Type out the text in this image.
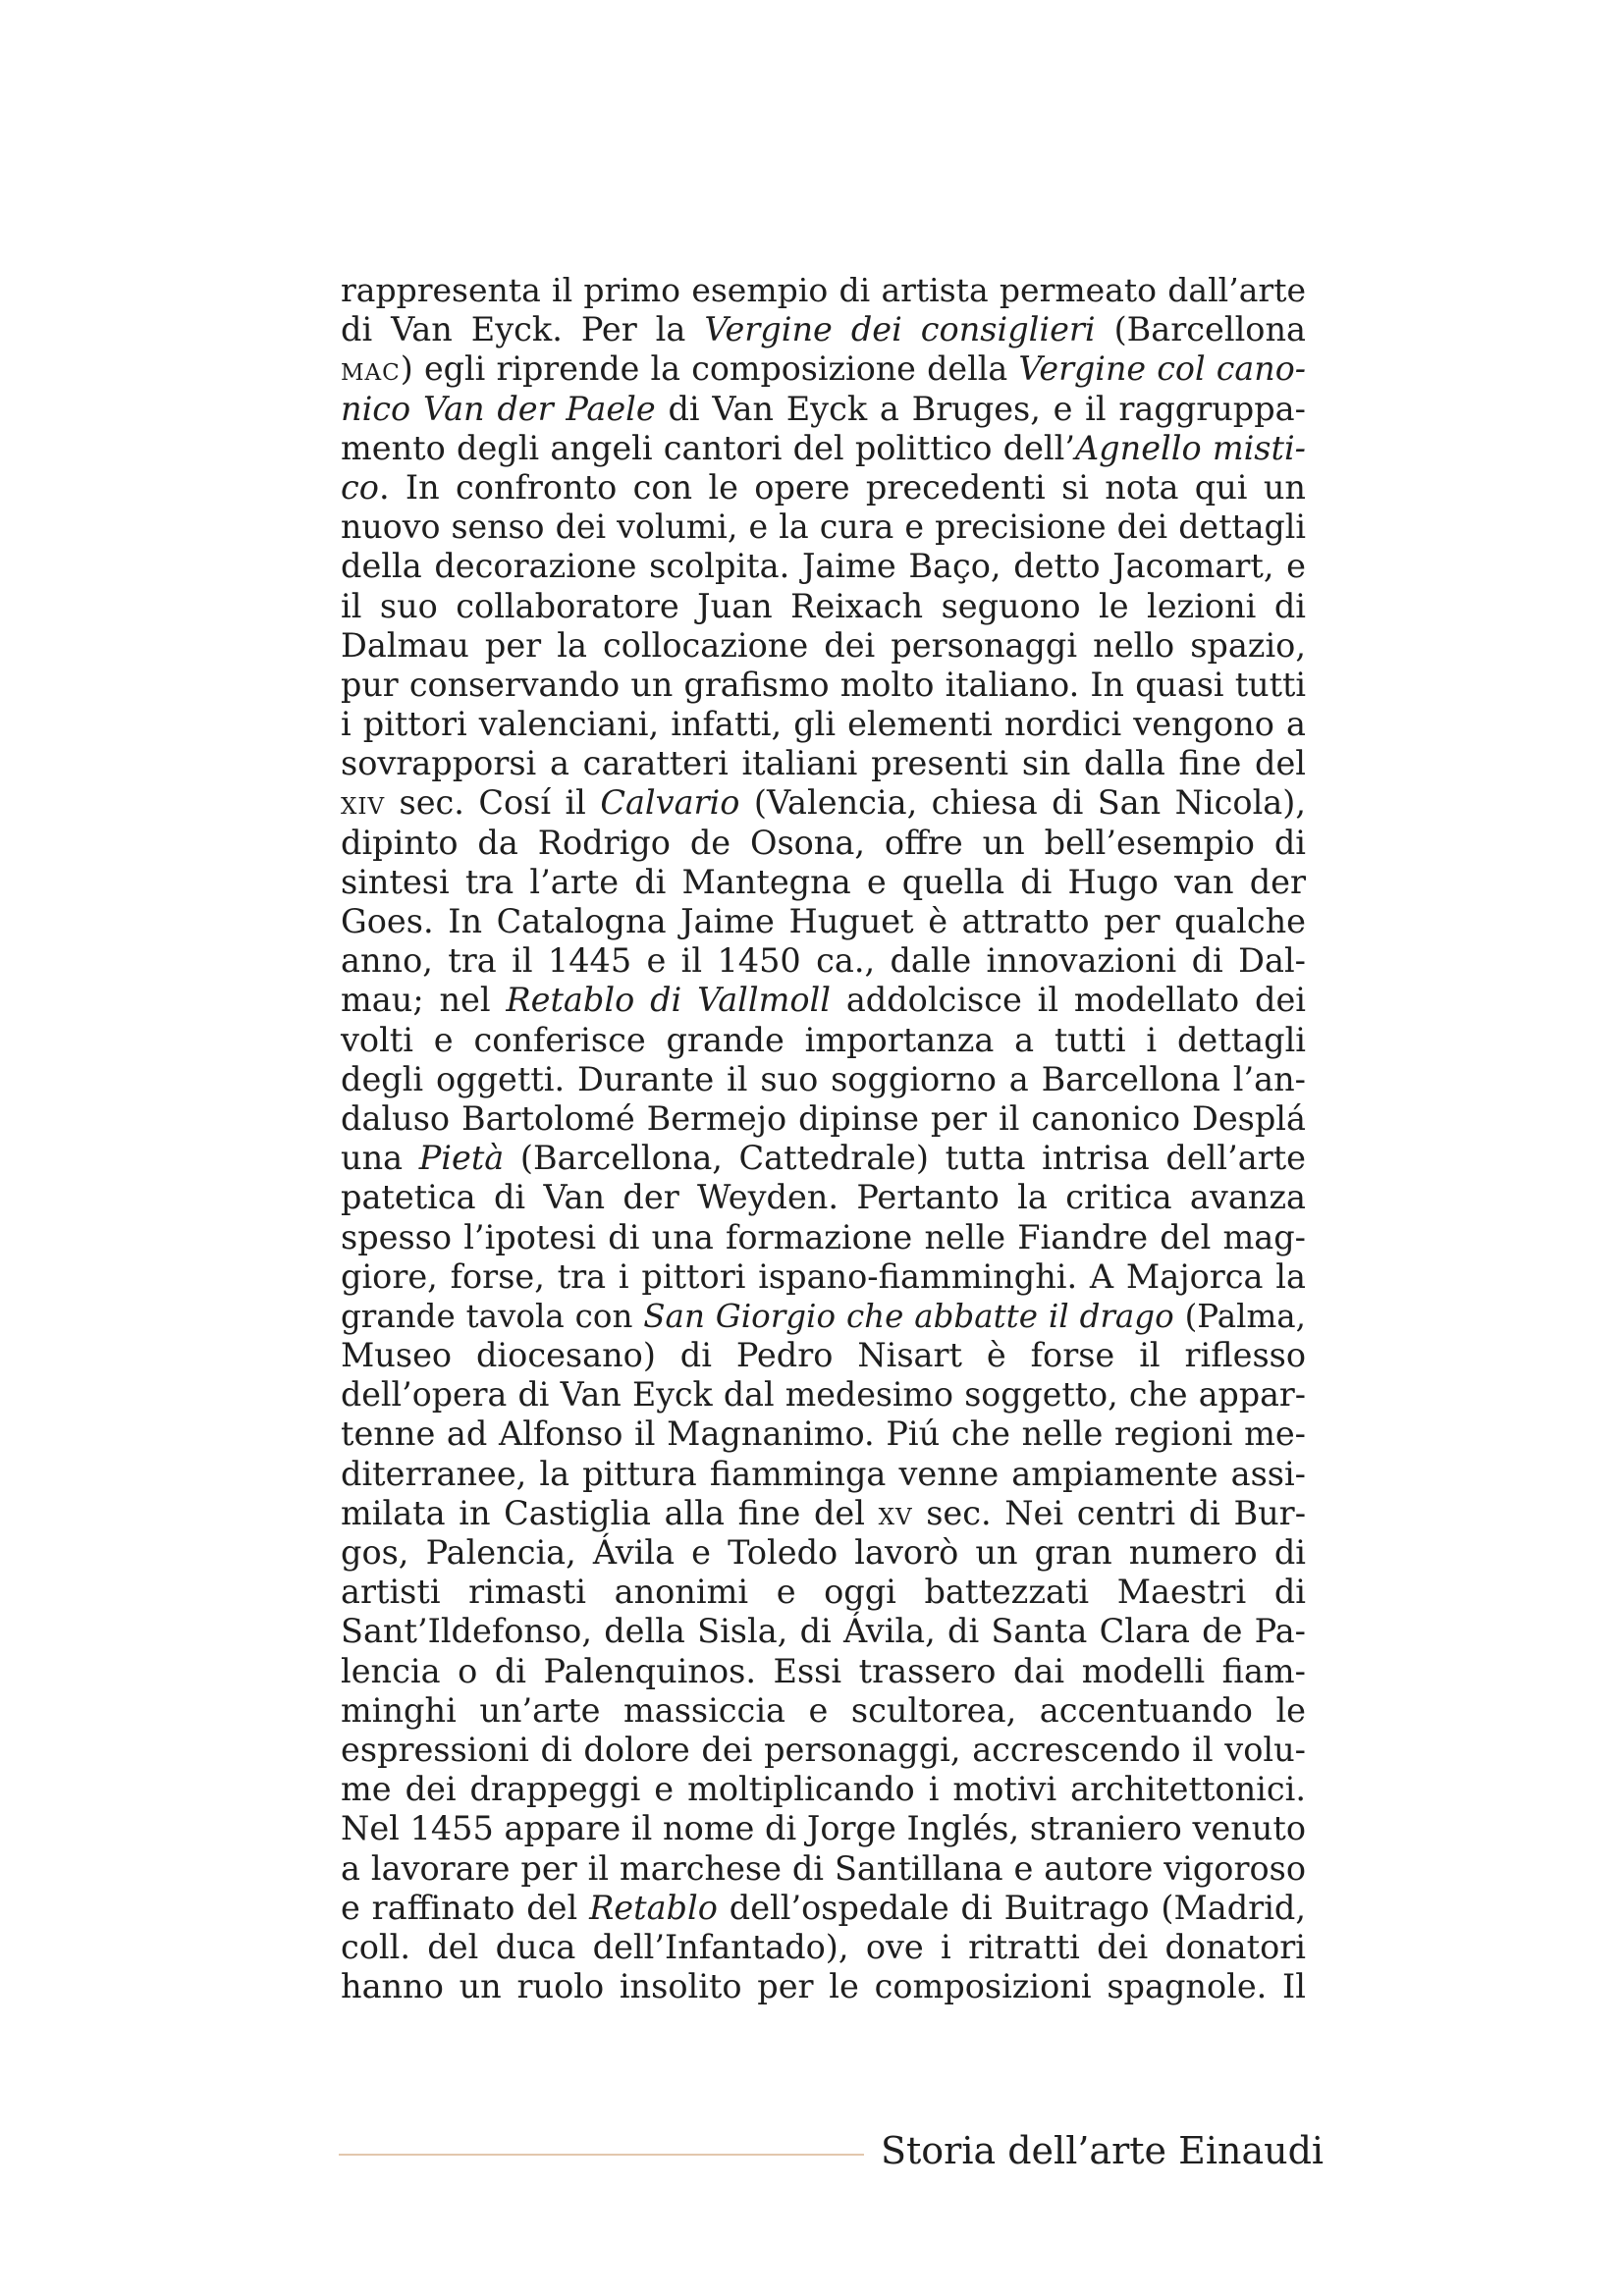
rappresenta il primo esempio di artista permeato dall’arte
di Van Eyck. Per la Vergine dei consiglieri (Barcellona
mac) egli riprende la composizione della Vergine col cano-
nico Van der Paele di Van Eyck a Bruges, e il raggruppa-
mento degli angeli cantori del polittico dell’Agnello misti-
co. In confronto con le opere precedenti si nota qui un
nuovo senso dei volumi, e la cura e precisione dei dettagli
della decorazione scolpita. Jaime Baço, detto Jacomart, e
il suo collaboratore Juan Reixach seguono le lezioni di
Dalmau per la collocazione dei personaggi nello spazio,
pur conservando un grafismo molto italiano. In quasi tutti
i pittori valenciani, infatti, gli elementi nordici vengono a
sovrapporsi a caratteri italiani presenti sin dalla fine del
xiv sec. Cosí il Calvario (Valencia, chiesa di San Nicola),
dipinto da Rodrigo de Osona, offre un bell’esempio di
sintesi tra l’arte di Mantegna e quella di Hugo van der
Goes. In Catalogna Jaime Huguet è attratto per qualche
anno, tra il 1445 e il 1450 ca., dalle innovazioni di Dal-
mau; nel Retablo di Vallmoll addolcisce il modellato dei
volti e conferisce grande importanza a tutti i dettagli
degli oggetti. Durante il suo soggiorno a Barcellona l’an-
daluso Bartolomé Bermejo dipinse per il canonico Desplá
una Pietà (Barcellona, Cattedrale) tutta intrisa dell’arte
patetica di Van der Weyden. Pertanto la critica avanza
spesso l’ipotesi di una formazione nelle Fiandre del mag-
giore, forse, tra i pittori ispano-fiamminghi. A Majorca la
grande tavola con San Giorgio che abbatte il drago (Palma,
Museo diocesano) di Pedro Nisart è forse il riflesso
dell’opera di Van Eyck dal medesimo soggetto, che appar-
tenne ad Alfonso il Magnanimo. Piú che nelle regioni me-
diterranee, la pittura fiamminga venne ampiamente assi-
milata in Castiglia alla fine del xv sec. Nei centri di Bur-
gos, Palencia, Ávila e Toledo lavorò un gran numero di
artisti rimasti anonimi e oggi battezzati Maestri di
Sant’Ildefonso, della Sisla, di Ávila, di Santa Clara de Pa-
lencia o di Palenquinos. Essi trassero dai modelli fiam-
minghi un’arte massiccia e scultorea, accentuando le
espressioni di dolore dei personaggi, accrescendo il volu-
me dei drappeggi e moltiplicando i motivi architettonici.
Nel 1455 appare il nome di Jorge Inglés, straniero venuto
a lavorare per il marchese di Santillana e autore vigoroso
e raffinato del Retablo dell’ospedale di Buitrago (Madrid,
coll. del duca dell’Infantado), ove i ritratti dei donatori
hanno un ruolo insolito per le composizioni spagnole. Il
Storia dell’arte Einaudi
